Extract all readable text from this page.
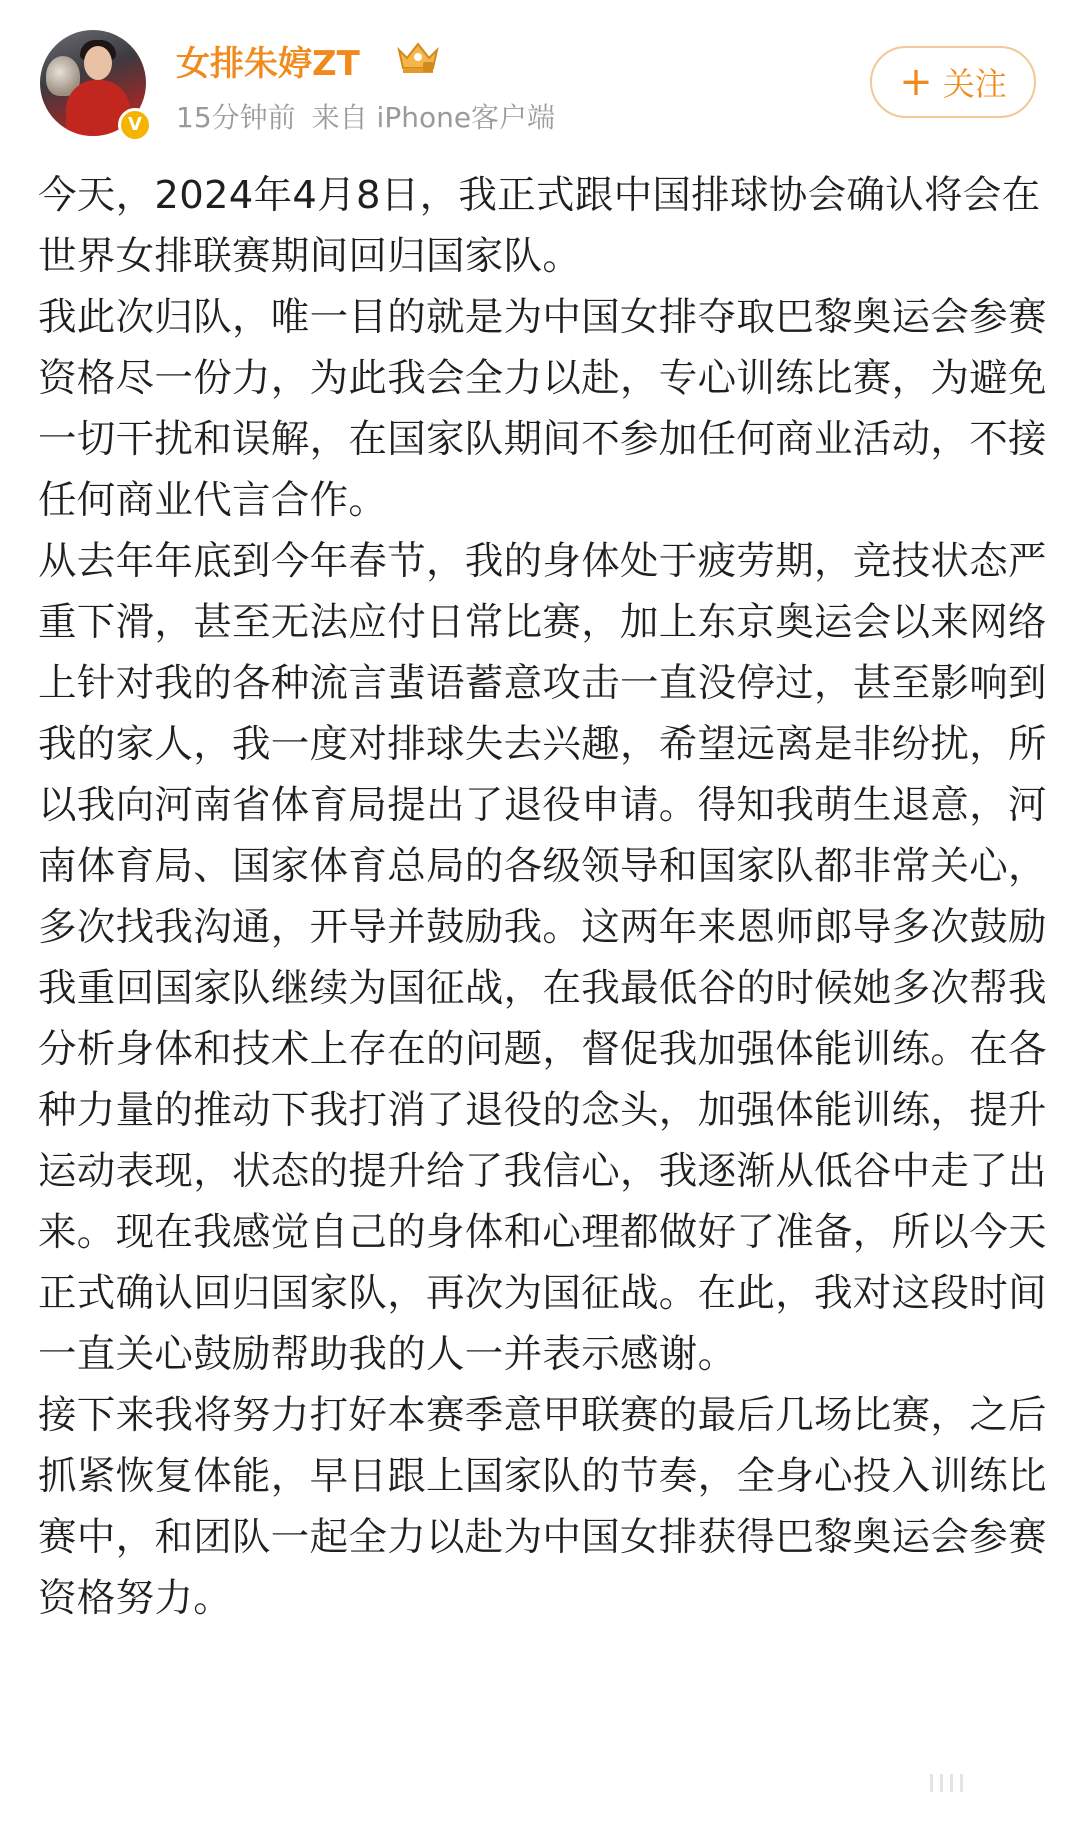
V
女排朱婷ZT
15分钟前 来自 iPhone客户端
+ 关注

今天，2024年4月8日，我正式跟中国排球协会确认将会在世界女排联赛期间回归国家队。

我此次归队，唯一目的就是为中国女排夺取巴黎奥运会参赛资格尽一份力，为此我会全力以赴，专心训练比赛，为避免一切干扰和误解，在国家队期间不参加任何商业活动，不接任何商业代言合作。

从去年年底到今年春节，我的身体处于疲劳期，竞技状态严重下滑，甚至无法应付日常比赛，加上东京奥运会以来网络上针对我的各种流言蜚语蓄意攻击一直没停过，甚至影响到我的家人，我一度对排球失去兴趣，希望远离是非纷扰，所以我向河南省体育局提出了退役申请。得知我萌生退意，河南体育局、国家体育总局的各级领导和国家队都非常关心，多次找我沟通，开导并鼓励我。这两年来恩师郎导多次鼓励我重回国家队继续为国征战，在我最低谷的时候她多次帮我分析身体和技术上存在的问题，督促我加强体能训练。在各种力量的推动下我打消了退役的念头，加强体能训练，提升运动表现，状态的提升给了我信心，我逐渐从低谷中走了出来。现在我感觉自己的身体和心理都做好了准备，所以今天正式确认回归国家队，再次为国征战。在此，我对这段时间一直关心鼓励帮助我的人一并表示感谢。

接下来我将努力打好本赛季意甲联赛的最后几场比赛，之后抓紧恢复体能，早日跟上国家队的节奏，全身心投入训练比赛中，和团队一起全力以赴为中国女排获得巴黎奥运会参赛资格努力。
